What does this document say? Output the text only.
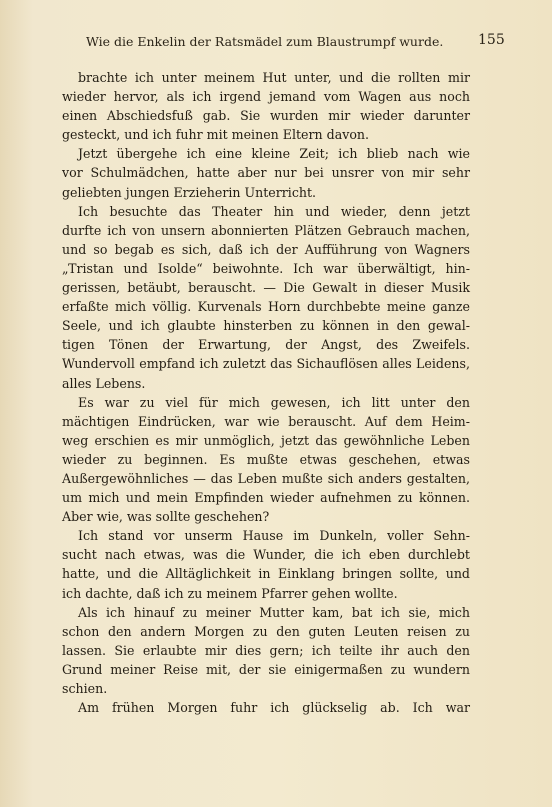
Wie die Enkelin der Ratsmädel zum Blaustrumpf wurde.	155

brachte ich unter meinem Hut unter, und die rollten mir
wieder hervor, als ich irgend jemand vom Wagen aus noch
einen Abschiedsfuß gab. Sie wurden mir wieder darunter
gesteckt, und ich fuhr mit meinen Eltern davon.

Jetzt übergehe ich eine kleine Zeit; ich blieb nach wie
vor Schulmädchen, hatte aber nur bei unsrer von mir sehr
geliebten jungen Erzieherin Unterricht.

Ich besuchte das Theater hin und wieder, denn jetzt
durfte ich von unsern abonnierten Plätzen Gebrauch machen,
und so begab es sich, daß ich der Aufführung von Wagners
„Tristan und Isolde“ beiwohnte. Ich war überwältigt, hin-
gerissen, betäubt, berauscht. — Die Gewalt in dieser Musik
erfaßte mich völlig. Kurvenals Horn durchbebte meine ganze
Seele, und ich glaubte hinsterben zu können in den gewal-
tigen Tönen der Erwartung, der Angst, des Zweifels.
Wundervoll empfand ich zuletzt das Sichauflösen alles Leidens,
alles Lebens.

Es war zu viel für mich gewesen, ich litt unter den
mächtigen Eindrücken, war wie berauscht. Auf dem Heim-
weg erschien es mir unmöglich, jetzt das gewöhnliche Leben
wieder zu beginnen. Es mußte etwas geschehen, etwas
Außergewöhnliches — das Leben mußte sich anders gestalten,
um mich und mein Empfinden wieder aufnehmen zu können.
Aber wie, was sollte geschehen?

Ich stand vor unserm Hause im Dunkeln, voller Sehn-
sucht nach etwas, was die Wunder, die ich eben durchlebt
hatte, und die Alltäglichkeit in Einklang bringen sollte, und
ich dachte, daß ich zu meinem Pfarrer gehen wollte.

Als ich hinauf zu meiner Mutter kam, bat ich sie, mich
schon den andern Morgen zu den guten Leuten reisen zu
lassen. Sie erlaubte mir dies gern; ich teilte ihr auch den
Grund meiner Reise mit, der sie einigermaßen zu wundern
schien.

Am frühen Morgen fuhr ich glückselig ab. Ich war
